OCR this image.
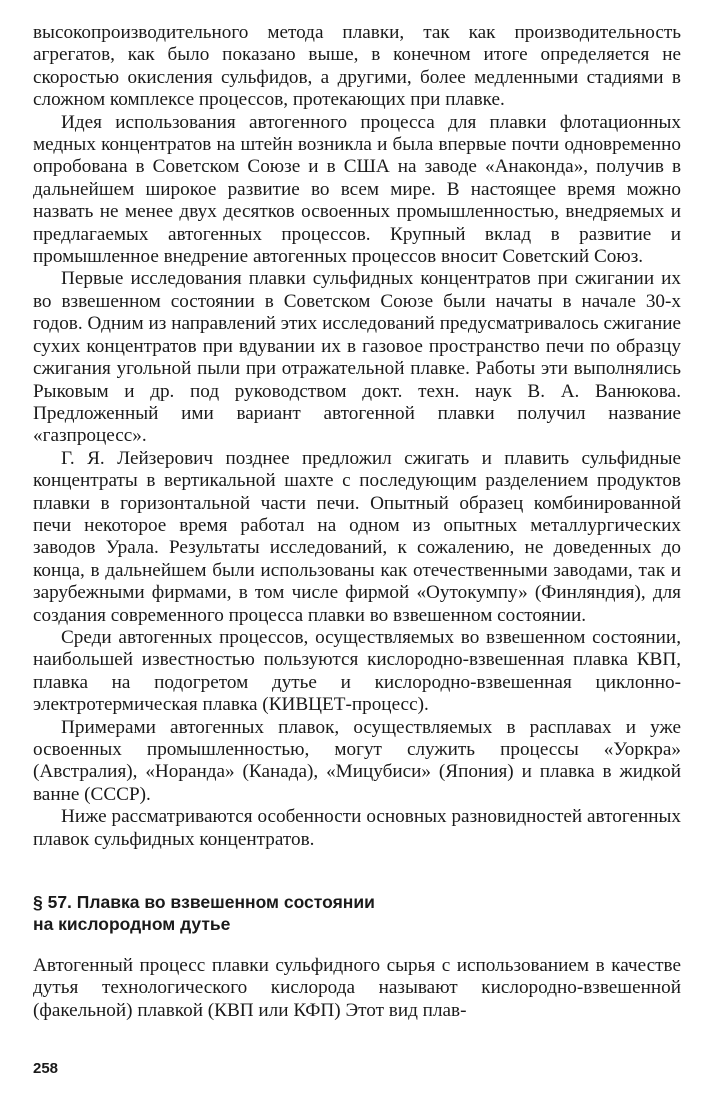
высокопроизводительного метода плавки, так как производительность агрегатов, как было показано выше, в конечном итоге определяется не скоростью окисления сульфидов, а другими, более медленными стадиями в сложном комплексе процессов, протекающих при плавке.

Идея использования автогенного процесса для плавки флотационных медных концентратов на штейн возникла и была впервые почти одновременно опробована в Советском Союзе и в США на заводе «Анаконда», получив в дальнейшем широкое развитие во всем мире. В настоящее время можно назвать не менее двух десятков освоенных промышленностью, внедряемых и предлагаемых автогенных процессов. Крупный вклад в развитие и промышленное внедрение автогенных процессов вносит Советский Союз.

Первые исследования плавки сульфидных концентратов при сжигании их во взвешенном состоянии в Советском Союзе были начаты в начале 30-х годов. Одним из направлений этих исследований предусматривалось сжигание сухих концентратов при вдувании их в газовое пространство печи по образцу сжигания угольной пыли при отражательной плавке. Работы эти выполнялись Рыковым и др. под руководством докт. техн. наук В. А. Ванюкова. Предложенный ими вариант автогенной плавки получил название «газпроцесс».

Г. Я. Лейзерович позднее предложил сжигать и плавить сульфидные концентраты в вертикальной шахте с последующим разделением продуктов плавки в горизонтальной части печи. Опытный образец комбинированной печи некоторое время работал на одном из опытных металлургических заводов Урала. Результаты исследований, к сожалению, не доведенных до конца, в дальнейшем были использованы как отечественными заводами, так и зарубежными фирмами, в том числе фирмой «Оутокумпу» (Финляндия), для создания современного процесса плавки во взвешенном состоянии.

Среди автогенных процессов, осуществляемых во взвешенном состоянии, наибольшей известностью пользуются кислородно-взвешенная плавка КВП, плавка на подогретом дутье и кислородно-взвешенная циклонно-электротермическая плавка (КИВЦЕТ-процесс).

Примерами автогенных плавок, осуществляемых в расплавах и уже освоенных промышленностью, могут служить процессы «Уоркра» (Австралия), «Норанда» (Канада), «Мицубиси» (Япония) и плавка в жидкой ванне (СССР).

Ниже рассматриваются особенности основных разновидностей автогенных плавок сульфидных концентратов.

§ 57. Плавка во взвешенном состоянии
на кислородном дутье

Автогенный процесс плавки сульфидного сырья с использованием в качестве дутья технологического кислорода называют кислородно-взвешенной (факельной) плавкой (КВП или КФП) Этот вид плав-

258
